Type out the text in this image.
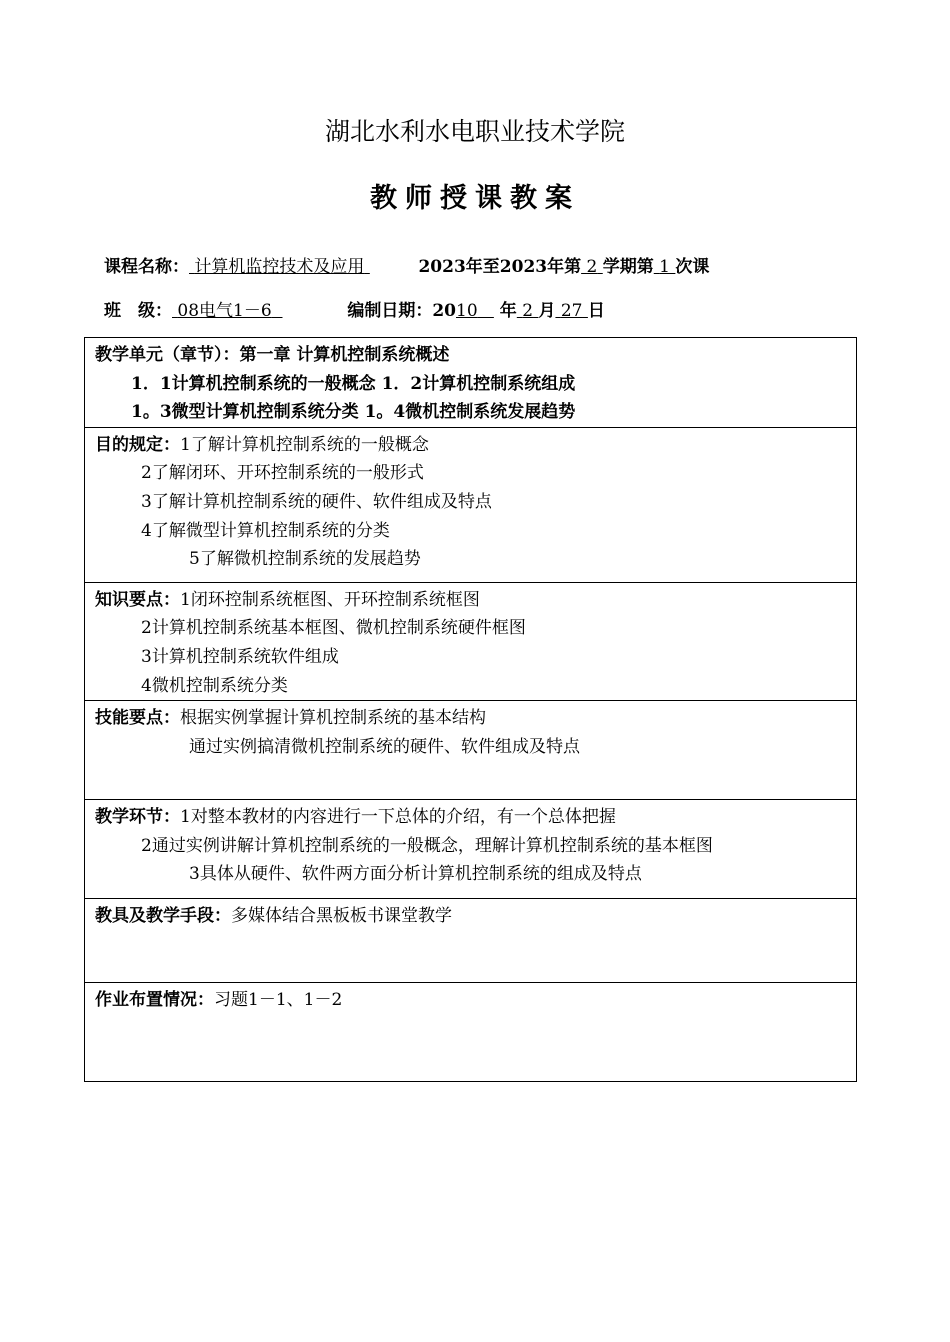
湖北水利水电职业技术学院
教师授课教案
课程名称： 计算机监控技术及应用	2023年至2023年第 2 学期第 1 次课
班　级： 08电气1－6	编制日期：2010 年 2 月 27 日
教学单元（章节）：第一章 计算机控制系统概述
1．1计算机控制系统的一般概念 1．2计算机控制系统组成
1。3微型计算机控制系统分类 1。4微机控制系统发展趋势

目的规定：1了解计算机控制系统的一般概念
2了解闭环、开环控制系统的一般形式
3了解计算机控制系统的硬件、软件组成及特点
4了解微型计算机控制系统的分类
5了解微机控制系统的发展趋势

知识要点：1闭环控制系统框图、开环控制系统框图
2计算机控制系统基本框图、微机控制系统硬件框图
3计算机控制系统软件组成
4微机控制系统分类

技能要点：根据实例掌握计算机控制系统的基本结构
通过实例搞清微机控制系统的硬件、软件组成及特点

教学环节：1对整本教材的内容进行一下总体的介绍，有一个总体把握
2通过实例讲解计算机控制系统的一般概念，理解计算机控制系统的基本框图
3具体从硬件、软件两方面分析计算机控制系统的组成及特点

教具及教学手段：多媒体结合黑板板书课堂教学

作业布置情况：习题1－1、1－2
